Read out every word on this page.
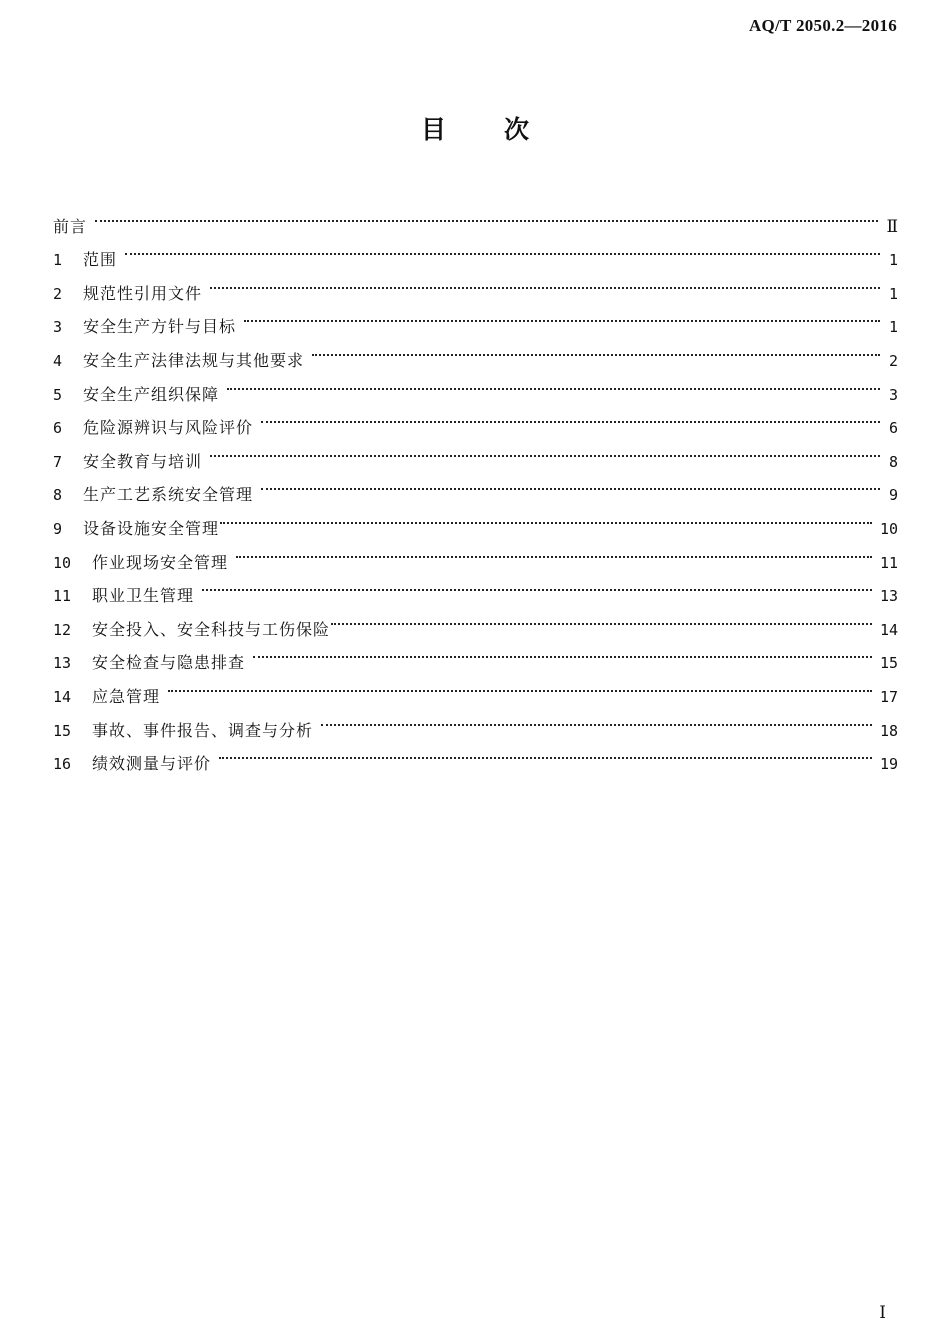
AQ/T 2050.2—2016
目次
前言	Ⅱ
1	范围	1
2	规范性引用文件	1
3	安全生产方针与目标	1
4	安全生产法律法规与其他要求	2
5	安全生产组织保障	3
6	危险源辨识与风险评价	6
7	安全教育与培训	8
8	生产工艺系统安全管理	9
9	设备设施安全管理	10
10	作业现场安全管理	11
11	职业卫生管理	13
12	安全投入、安全科技与工伤保险	14
13	安全检查与隐患排查	15
14	应急管理	17
15	事故、事件报告、调查与分析	18
16	绩效测量与评价	19
Ⅰ
